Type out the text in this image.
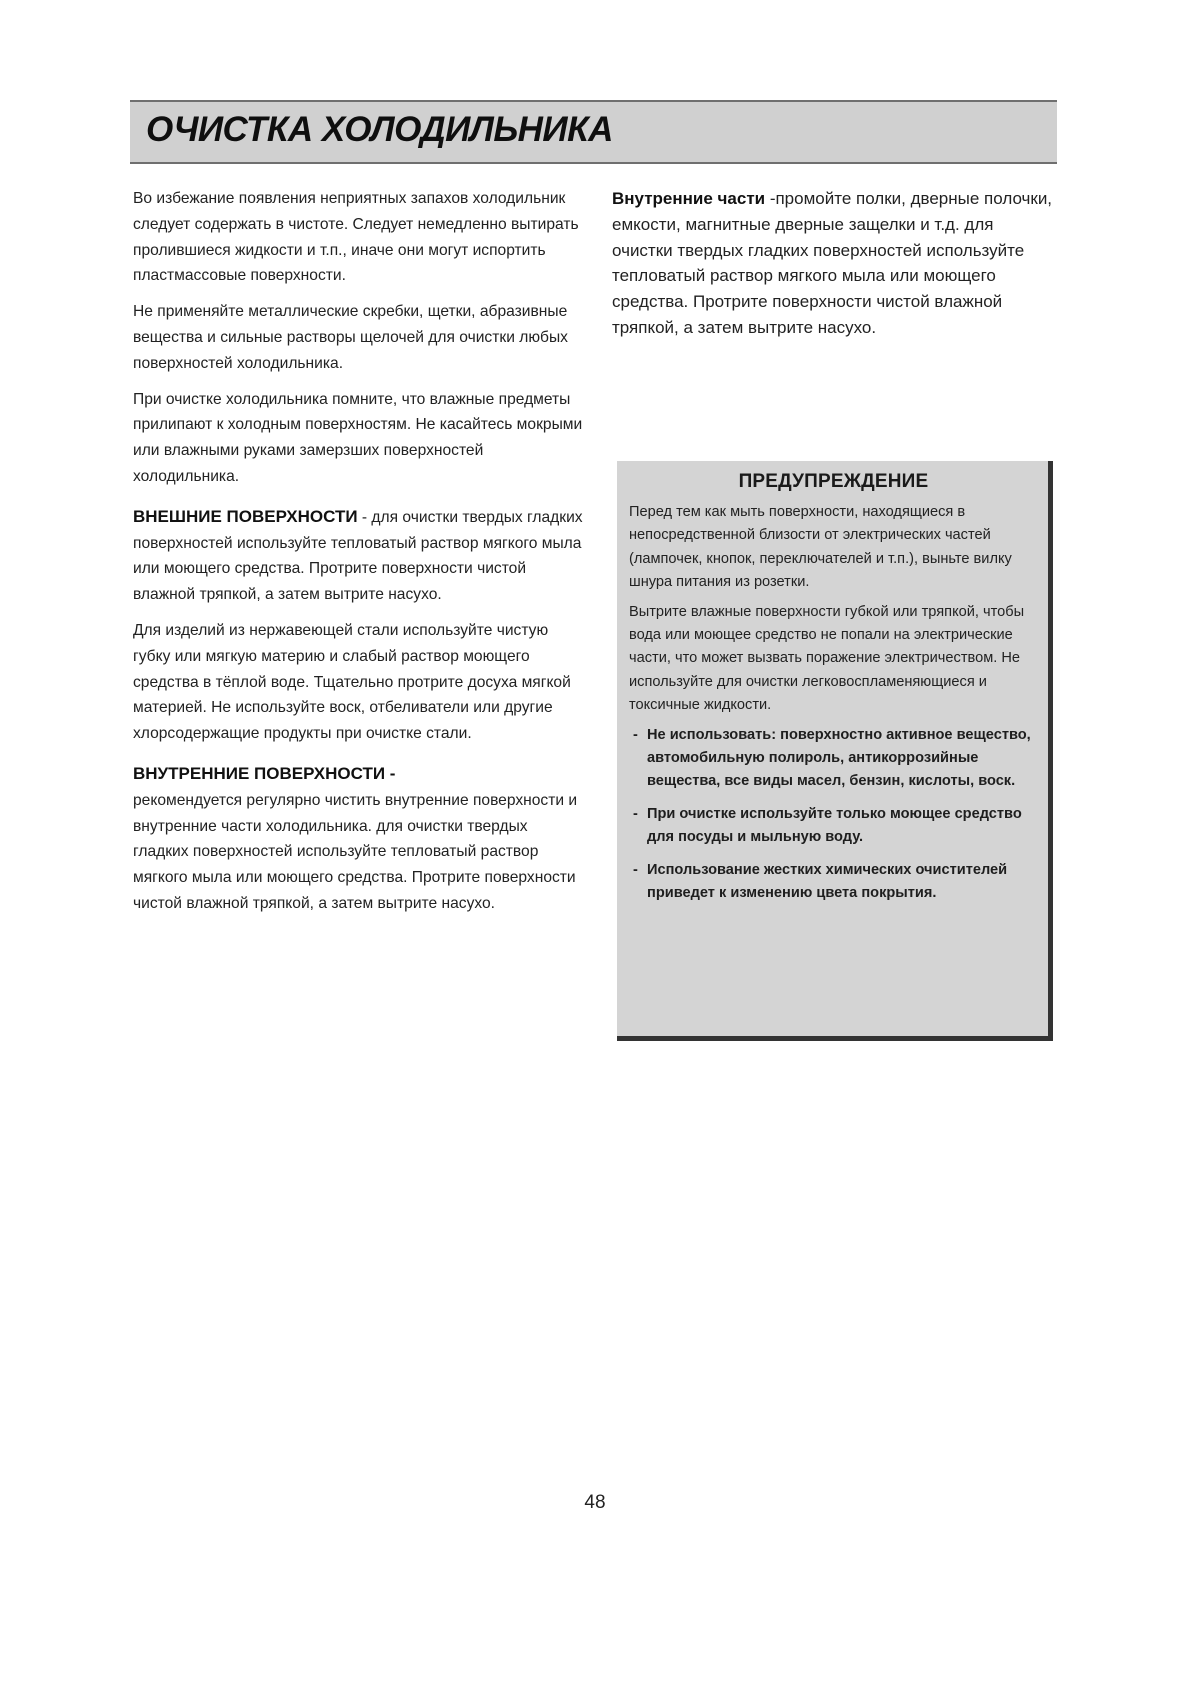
ОЧИСТКА ХОЛОДИЛЬНИКА

Во избежание появления неприятных запахов холодильник следует содержать в чистоте. Следует немедленно вытирать пролившиеся жидкости и т.п., иначе они могут испортить пластмассовые поверхности.

Не применяйте металлические скребки, щетки, абразивные вещества и сильные растворы щелочей для очистки любых поверхностей холодильника.

При очистке холодильника помните, что влажные предметы прилипают к холодным поверхностям. Не касайтесь мокрыми или влажными руками замерзших поверхностей холодильника.

ВНЕШНИЕ ПОВЕРХНОСТИ - для очистки твердых гладких поверхностей используйте тепловатый раствор мягкого мыла или моющего средства. Протрите поверхности чистой влажной тряпкой, а затем вытрите насухо.

Для изделий из нержавеющей стали используйте чистую губку или мягкую материю и слабый раствор моющего средства в тёплой воде. Тщательно протрите досуха мягкой материей. Не используйте воск, отбеливатели или другие хлорсодержащие продукты при очистке стали.

ВНУТРЕННИЕ ПОВЕРХНОСТИ -
рекомендуется регулярно чистить внутренние поверхности и внутренние части холодильника. для очистки твердых гладких поверхностей используйте тепловатый раствор мягкого мыла или моющего средства. Протрите поверхности чистой влажной тряпкой, а затем вытрите насухо.

Внутренние части -промойте полки, дверные полочки, емкости, магнитные дверные защелки и т.д. для очистки твердых гладких поверхностей используйте тепловатый раствор мягкого мыла или моющего средства. Протрите поверхности чистой влажной тряпкой, а затем вытрите насухо.

ПРЕДУПРЕЖДЕНИЕ

Перед тем как мыть поверхности, находящиеся в непосредственной близости от электрических частей (лампочек, кнопок, переключателей и т.п.), выньте вилку шнура питания из розетки.

Вытрите влажные поверхности губкой или тряпкой, чтобы вода или моющее средство не попали на электрические части, что может вызвать поражение электричеством. Не используйте для очистки легковоспламеняющиеся и токсичные жидкости.

- Не использовать: поверхностно активное вещество, автомобильную полироль, антикоррозийные вещества, все виды масел, бензин, кислоты, воск.
- При очистке используйте только моющее средство для посуды и мыльную воду.
- Использование жестких химических очистителей приведет к изменению цвета покрытия.
48
